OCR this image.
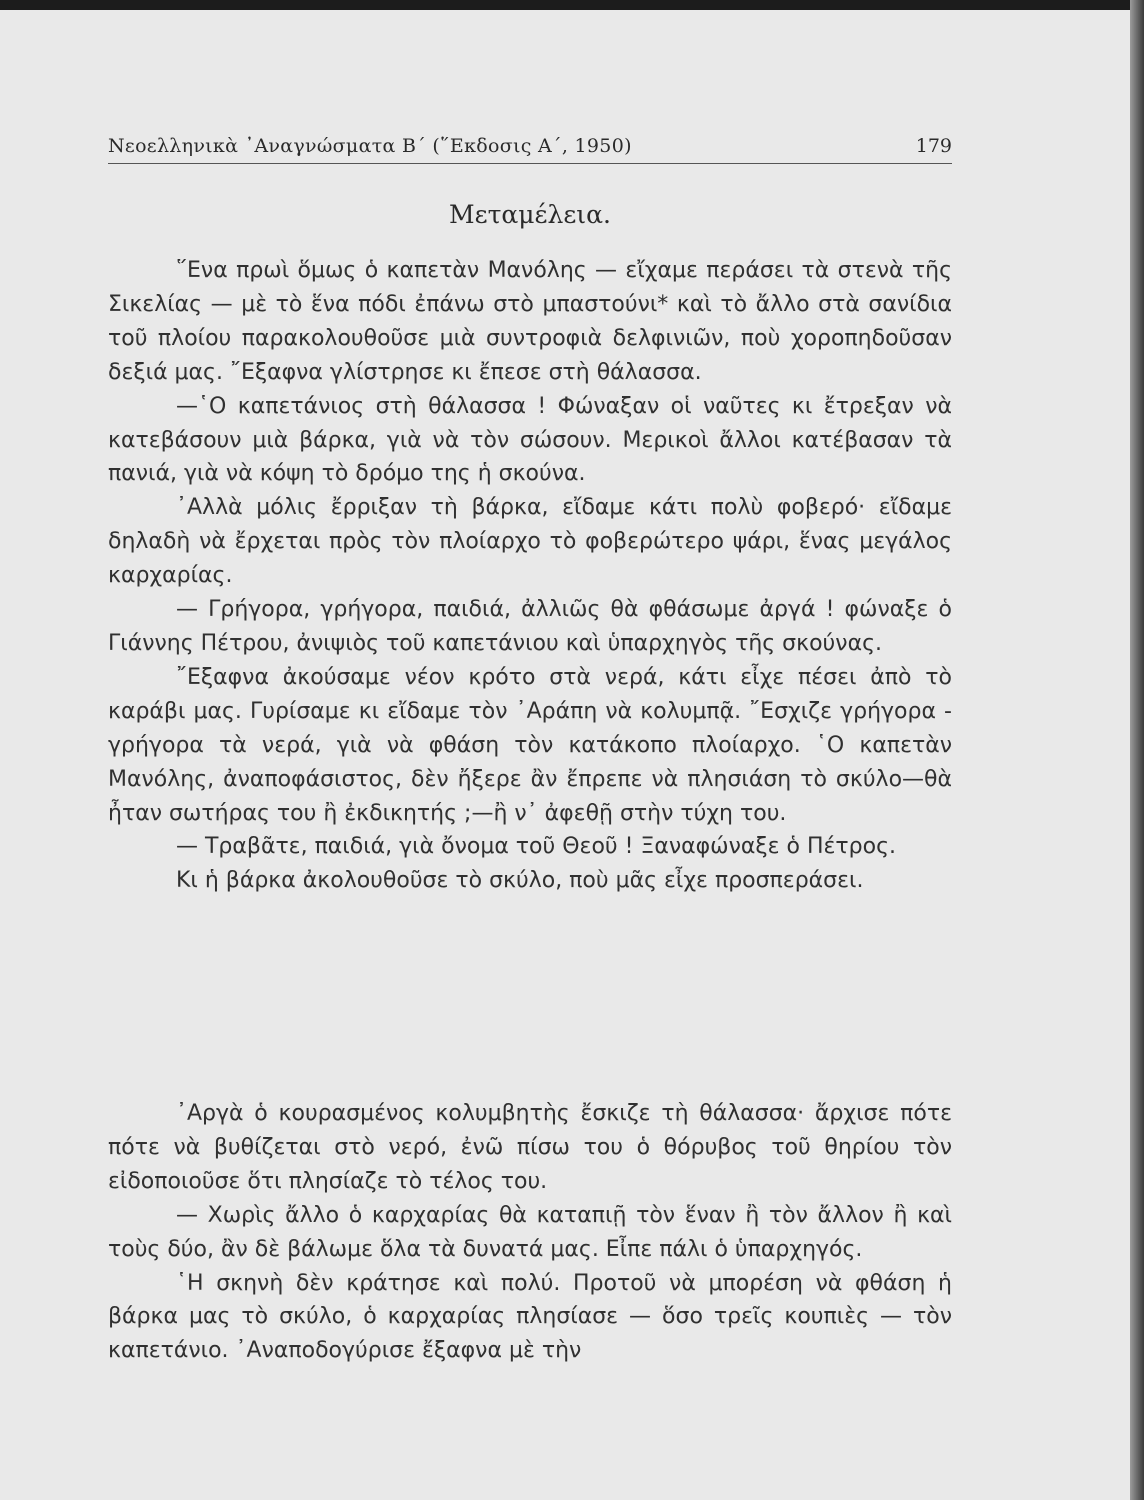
Νεοελληνικὰ ᾿Αναγνώσματα Β΄ (῞Εκδοσις Α΄, 1950)	179
Μεταμέλεια.

῞Ενα πρωὶ ὅμως ὁ καπετὰν Μανόλης — εἴχαμε περάσει τὰ στενὰ τῆς Σικελίας — μὲ τὸ ἕνα πόδι ἐπάνω στὸ μπαστούνι* καὶ τὸ ἄλλο στὰ σανίδια τοῦ πλοίου παρακολουθοῦσε μιὰ συντροφιὰ δελφινιῶν, ποὺ χοροπηδοῦσαν δεξιά μας. ῎Εξαφνα γλίστρησε κι ἔπεσε στὴ θάλασσα.

—῾Ο καπετάνιος στὴ θάλασσα ! Φώναξαν οἱ ναῦτες κι ἔτρεξαν νὰ κατεβάσουν μιὰ βάρκα, γιὰ νὰ τὸν σώσουν. Μερικοὶ ἄλλοι κατέβασαν τὰ πανιά, γιὰ νὰ κόψη τὸ δρόμο της ἡ σκούνα.

᾿Αλλὰ μόλις ἔρριξαν τὴ βάρκα, εἴδαμε κάτι πολὺ φοβερό· εἴδαμε δηλαδὴ νὰ ἔρχεται πρὸς τὸν πλοίαρχο τὸ φοβερώτερο ψάρι, ἕνας μεγάλος καρχαρίας.

— Γρήγορα, γρήγορα, παιδιά, ἀλλιῶς θὰ φθάσωμε ἀργά ! φώναξε ὁ Γιάννης Πέτρου, ἀνιψιὸς τοῦ καπετάνιου καὶ ὑπαρχηγὸς τῆς σκούνας.

῎Εξαφνα ἀκούσαμε νέον κρότο στὰ νερά, κάτι εἶχε πέσει ἀπὸ τὸ καράβι μας. Γυρίσαμε κι εἴδαμε τὸν ᾿Αράπη νὰ κολυμπᾷ. ῎Εσχιζε γρήγορα - γρήγορα τὰ νερά, γιὰ νὰ φθάση τὸν κατάκοπο πλοίαρχο. ῾Ο καπετὰν Μανόλης, ἀναποφάσιστος, δὲν ἤξερε ἂν ἔπρεπε νὰ πλησιάση τὸ σκύλο—θὰ ἦταν σωτήρας του ἢ ἐκδικητής ;—ἢ ν᾿ ἀφεθῇ στὴν τύχη του.

— Τραβᾶτε, παιδιά, γιὰ ὄνομα τοῦ Θεοῦ ! Ξαναφώναξε ὁ Πέτρος.

Κι ἡ βάρκα ἀκολουθοῦσε τὸ σκύλο, ποὺ μᾶς εἶχε προσπεράσει.

᾿Αργὰ ὁ κουρασμένος κολυμβητὴς ἔσκιζε τὴ θάλασσα· ἄρχισε πότε πότε νὰ βυθίζεται στὸ νερό, ἐνῶ πίσω του ὁ θόρυβος τοῦ θηρίου τὸν εἰδοποιοῦσε ὅτι πλησίαζε τὸ τέλος του.

— Χωρὶς ἄλλο ὁ καρχαρίας θὰ καταπιῇ τὸν ἕναν ἢ τὸν ἄλλον ἢ καὶ τοὺς δύο, ἂν δὲ βάλωμε ὅλα τὰ δυνατά μας. Εἶπε πάλι ὁ ὑπαρχηγός.

῾Η σκηνὴ δὲν κράτησε καὶ πολύ. Προτοῦ νὰ μπορέση νὰ φθάση ἡ βάρκα μας τὸ σκύλο, ὁ καρχαρίας πλησίασε — ὅσο τρεῖς κουπιὲς — τὸν καπετάνιο. ᾿Αναποδογύρισε ἔξαφνα μὲ τὴν
